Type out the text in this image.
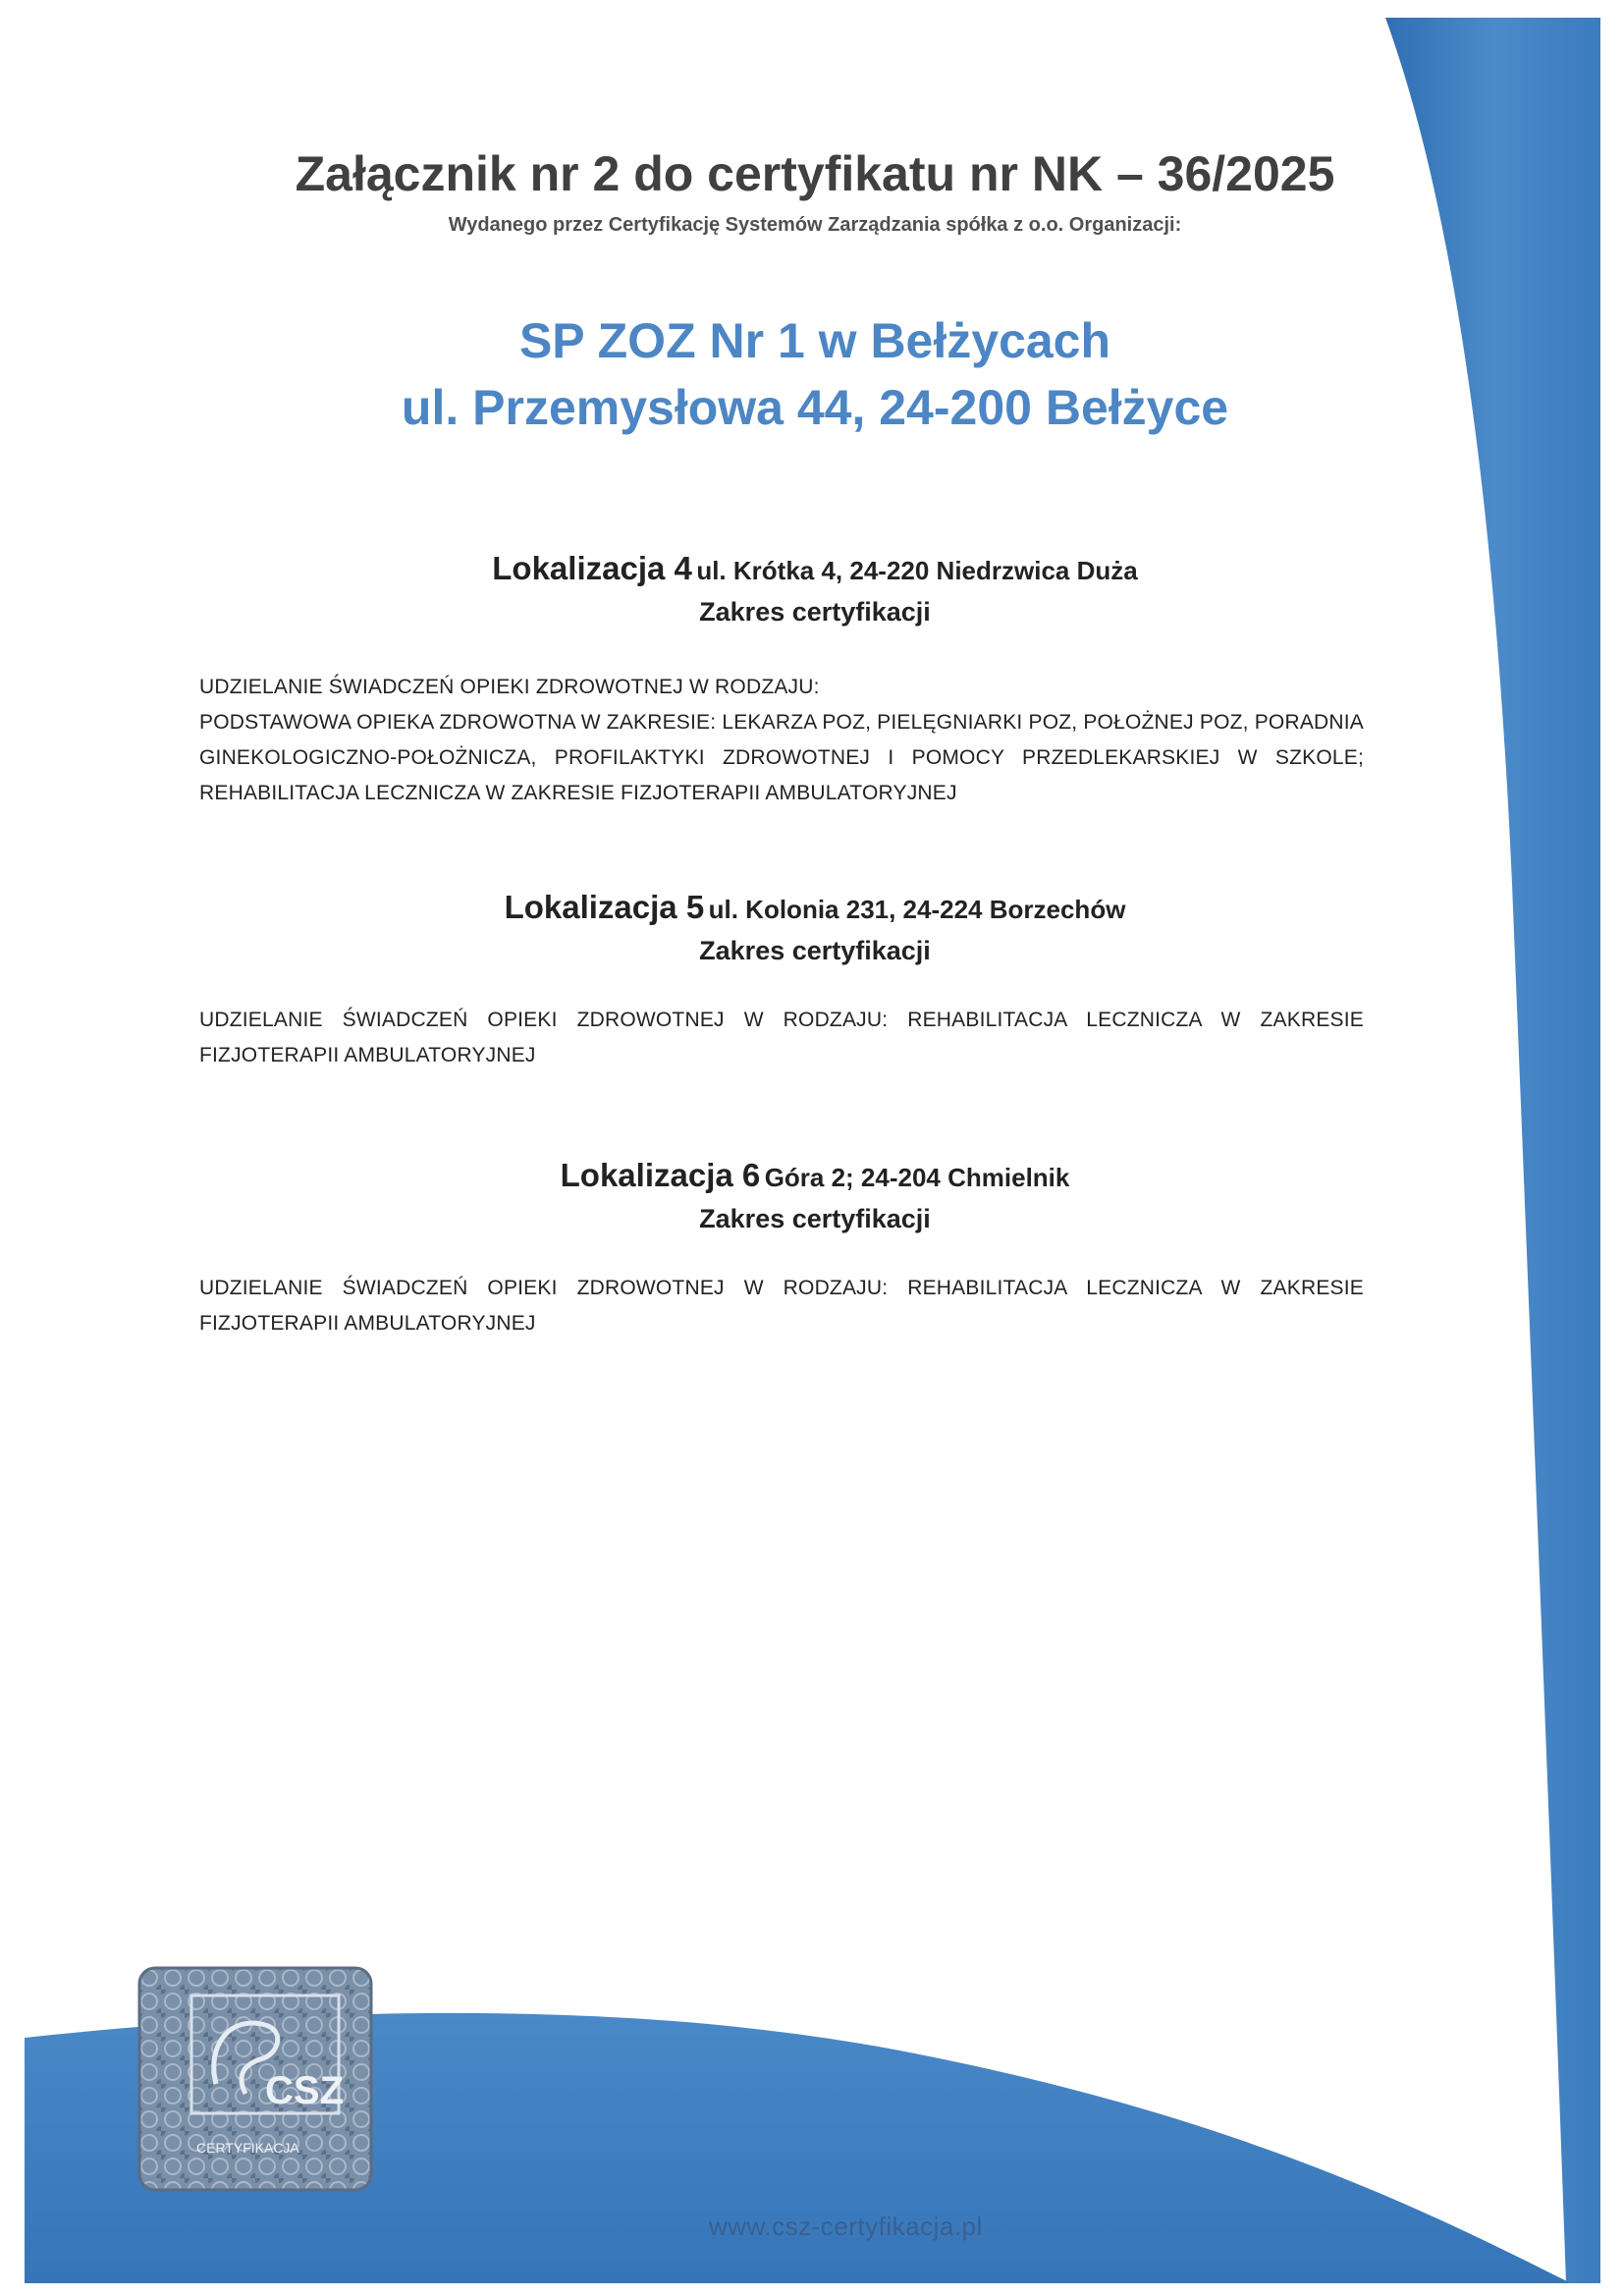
Załącznik nr 2 do certyfikatu nr NK – 36/2025
Wydanego przez Certyfikację Systemów Zarządzania spółka z o.o. Organizacji:
SP ZOZ Nr 1 w Bełżycach
ul. Przemysłowa 44, 24-200 Bełżyce
Lokalizacja 4 ul. Krótka 4, 24-220 Niedrzwica Duża
Zakres certyfikacji
UDZIELANIE ŚWIADCZEŃ OPIEKI ZDROWOTNEJ W RODZAJU:
PODSTAWOWA OPIEKA ZDROWOTNA W ZAKRESIE: LEKARZA POZ, PIELĘGNIARKI POZ, POŁOŻNEJ POZ, PORADNIA GINEKOLOGICZNO-POŁOŻNICZA, PROFILAKTYKI ZDROWOTNEJ I POMOCY PRZEDLEKARSKIEJ W SZKOLE; REHABILITACJA LECZNICZA W ZAKRESIE FIZJOTERAPII AMBULATORYJNEJ
Lokalizacja 5 ul. Kolonia 231, 24-224 Borzechów
Zakres certyfikacji
UDZIELANIE ŚWIADCZEŃ OPIEKI ZDROWOTNEJ W RODZAJU: REHABILITACJA LECZNICZA W ZAKRESIE FIZJOTERAPII AMBULATORYJNEJ
Lokalizacja 6 Góra 2; 24-204 Chmielnik
Zakres certyfikacji
UDZIELANIE ŚWIADCZEŃ OPIEKI ZDROWOTNEJ W RODZAJU: REHABILITACJA LECZNICZA W ZAKRESIE FIZJOTERAPII AMBULATORYJNEJ
CSZ
CERTYFIKACJA
www.csz-certyfikacja.pl
